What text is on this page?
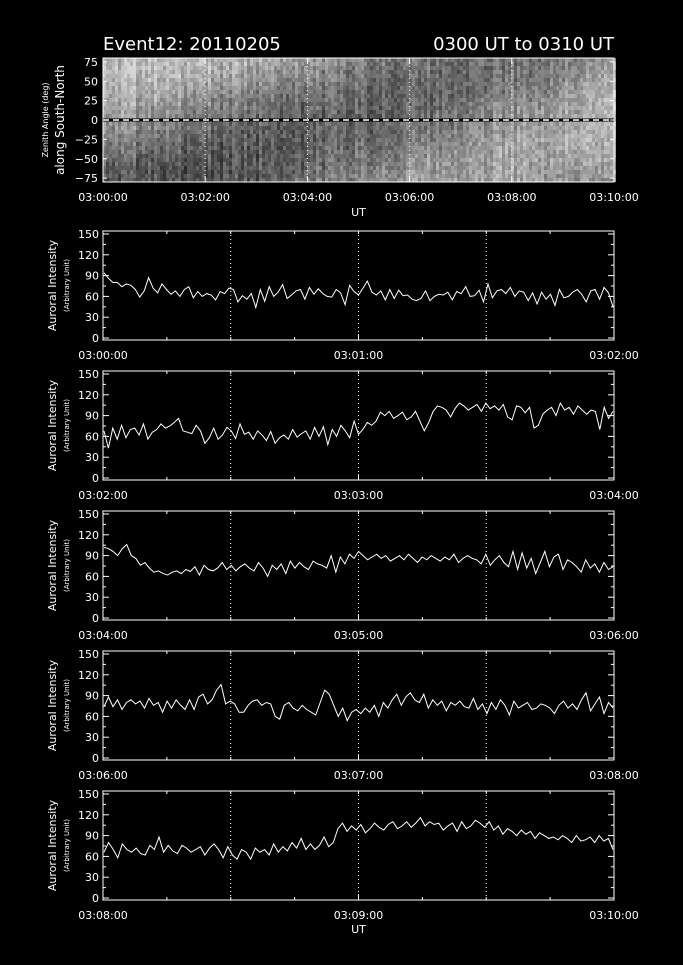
Event12: 20110205	0300 UT to 0310 UT
75
50
25
0
−25
−50
−75
03:00:00	03:02:00	03:04:00	03:06:00	03:08:00	03:10:00
UT
Zenith Angle (deg) along South-North
0
30
60
90
120
150
03:00:00	03:01:00	03:02:00
Auroral Intensity (Arbitrary Unit)
0
30
60
90
120
150
03:02:00	03:03:00	03:04:00
Auroral Intensity (Arbitrary Unit)
0
30
60
90
120
150
03:04:00	03:05:00	03:06:00
Auroral Intensity (Arbitrary Unit)
0
30
60
90
120
150
03:06:00	03:07:00	03:08:00
Auroral Intensity (Arbitrary Unit)
0
30
60
90
120
150
03:08:00	03:09:00	03:10:00
Auroral Intensity (Arbitrary Unit)
UT
